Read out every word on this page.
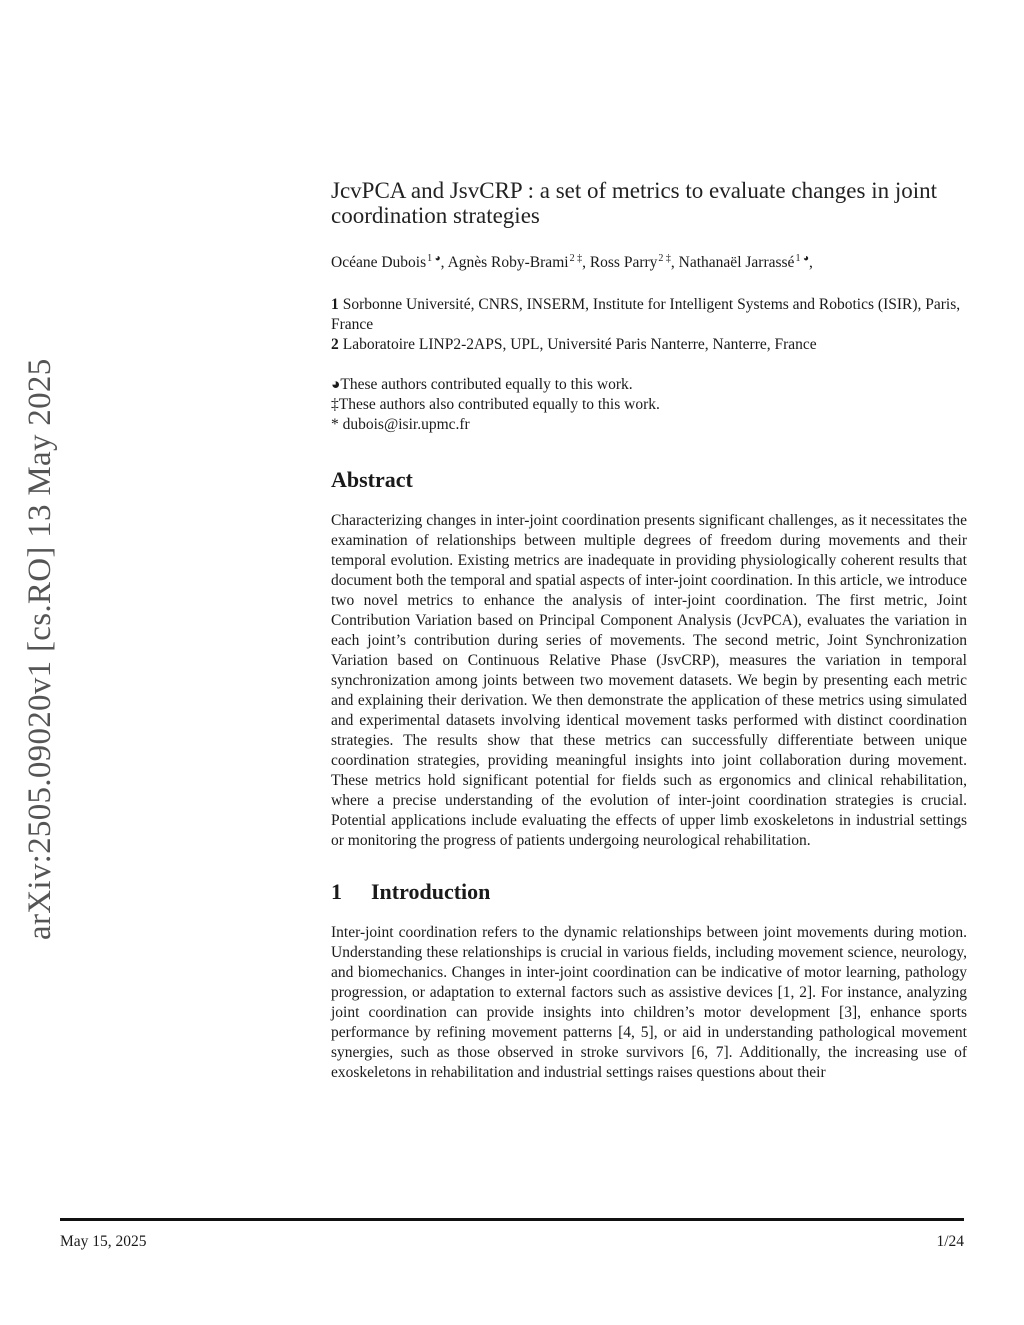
arXiv:2505.09020v1 [cs.RO] 13 May 2025
JcvPCA and JsvCRP : a set of metrics to evaluate changes in joint coordination strategies
Océane Dubois$^{1 ◕}$, Agnès Roby-Brami$^{2 \ddagger}$, Ross Parry$^{2 \ddagger}$, Nathanaël Jarrassé$^{1 ◕}$,
1 Sorbonne Université, CNRS, INSERM, Institute for Intelligent Systems and Robotics (ISIR), Paris, France
2 Laboratoire LINP2-2APS, UPL, Université Paris Nanterre, Nanterre, France
◕These authors contributed equally to this work.
‡These authors also contributed equally to this work.
* dubois@isir.upmc.fr
Abstract

Characterizing changes in inter-joint coordination presents significant challenges, as it necessitates the examination of relationships between multiple degrees of freedom during movements and their temporal evolution. Existing metrics are inadequate in providing physiologically coherent results that document both the temporal and spatial aspects of inter-joint coordination. In this article, we introduce two novel metrics to enhance the analysis of inter-joint coordination. The first metric, Joint Contribution Variation based on Principal Component Analysis (JcvPCA), evaluates the variation in each joint’s contribution during series of movements. The second metric, Joint Synchronization Variation based on Continuous Relative Phase (JsvCRP), measures the variation in temporal synchronization among joints between two movement datasets. We begin by presenting each metric and explaining their derivation. We then demonstrate the application of these metrics using simulated and experimental datasets involving identical movement tasks performed with distinct coordination strategies. The results show that these metrics can successfully differentiate between unique coordination strategies, providing meaningful insights into joint collaboration during movement. These metrics hold significant potential for fields such as ergonomics and clinical rehabilitation, where a precise understanding of the evolution of inter-joint coordination strategies is crucial. Potential applications include evaluating the effects of upper limb exoskeletons in industrial settings or monitoring the progress of patients undergoing neurological rehabilitation.

1 Introduction

Inter-joint coordination refers to the dynamic relationships between joint movements during motion. Understanding these relationships is crucial in various fields, including movement science, neurology, and biomechanics. Changes in inter-joint coordination can be indicative of motor learning, pathology progression, or adaptation to external factors such as assistive devices [1, 2]. For instance, analyzing joint coordination can provide insights into children’s motor development [3], enhance sports performance by refining movement patterns [4, 5], or aid in understanding pathological movement synergies, such as those observed in stroke survivors [6, 7]. Additionally, the increasing use of exoskeletons in rehabilitation and industrial settings raises questions about their

May 15, 2025	1/24
